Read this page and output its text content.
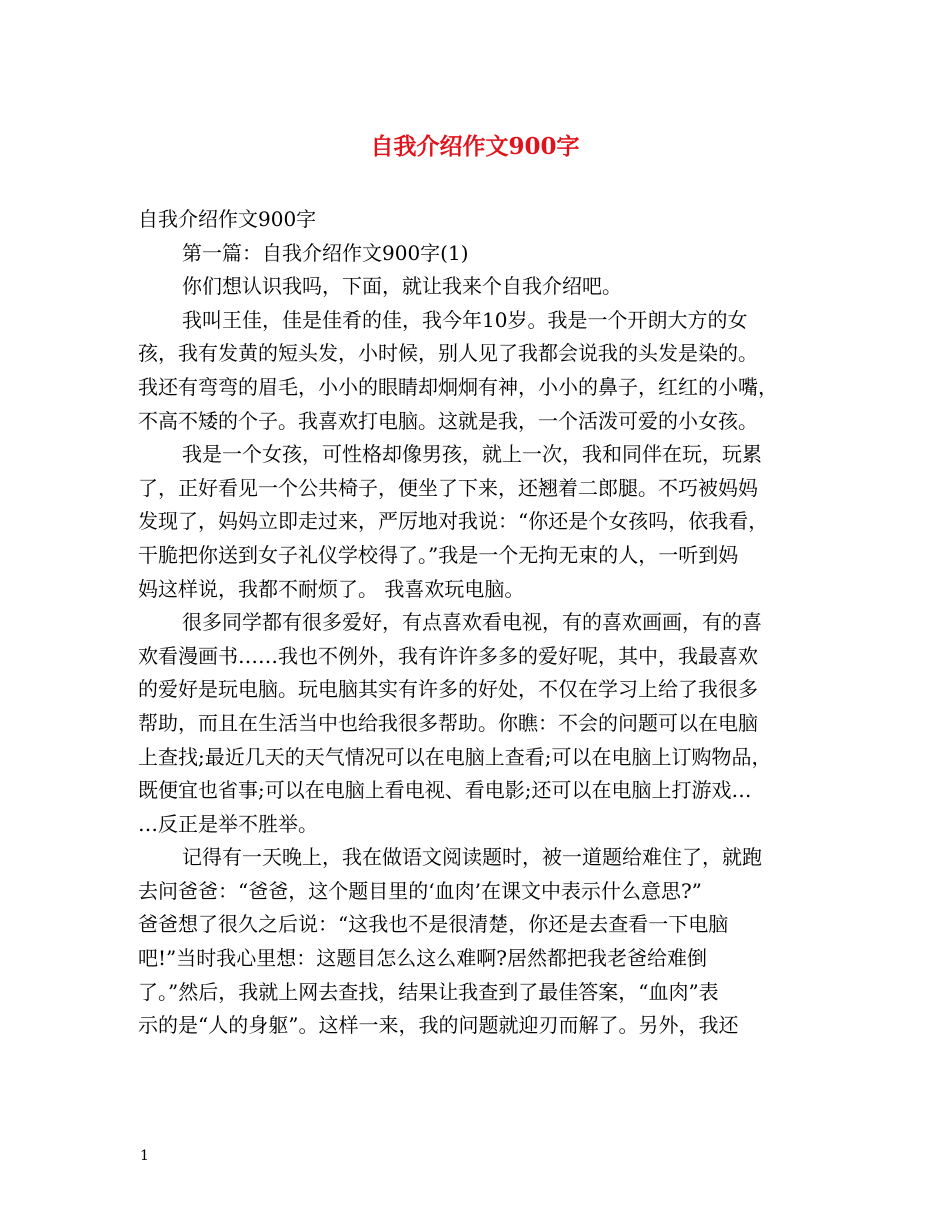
自我介绍作文900字
自我介绍作文900字
第一篇：自我介绍作文900字(1)
你们想认识我吗，下面，就让我来个自我介绍吧。
我叫王佳，佳是佳肴的佳，我今年10岁。我是一个开朗大方的女
孩，我有发黄的短头发，小时候，别人见了我都会说我的头发是染的。
我还有弯弯的眉毛，小小的眼睛却炯炯有神，小小的鼻子，红红的小嘴，
不高不矮的个子。我喜欢打电脑。这就是我，一个活泼可爱的小女孩。
我是一个女孩，可性格却像男孩，就上一次，我和同伴在玩，玩累
了，正好看见一个公共椅子，便坐了下来，还翘着二郎腿。不巧被妈妈
发现了，妈妈立即走过来，严厉地对我说：“你还是个女孩吗，依我看，
干脆把你送到女子礼仪学校得了。”我是一个无拘无束的人，一听到妈
妈这样说，我都不耐烦了。 我喜欢玩电脑。
很多同学都有很多爱好，有点喜欢看电视，有的喜欢画画，有的喜
欢看漫画书……我也不例外，我有许许多多的爱好呢，其中，我最喜欢
的爱好是玩电脑。玩电脑其实有许多的好处，不仅在学习上给了我很多
帮助，而且在生活当中也给我很多帮助。你瞧：不会的问题可以在电脑
上查找;最近几天的天气情况可以在电脑上查看;可以在电脑上订购物品，
既便宜也省事;可以在电脑上看电视、看电影;还可以在电脑上打游戏…
…反正是举不胜举。
记得有一天晚上，我在做语文阅读题时，被一道题给难住了，就跑
去问爸爸：“爸爸，这个题目里的‘血肉’在课文中表示什么意思?”
爸爸想了很久之后说：“这我也不是很清楚，你还是去查看一下电脑
吧!”当时我心里想：这题目怎么这么难啊?居然都把我老爸给难倒
了。”然后，我就上网去查找，结果让我查到了最佳答案，“血肉”表
示的是“人的身躯”。这样一来，我的问题就迎刃而解了。另外，我还
1
